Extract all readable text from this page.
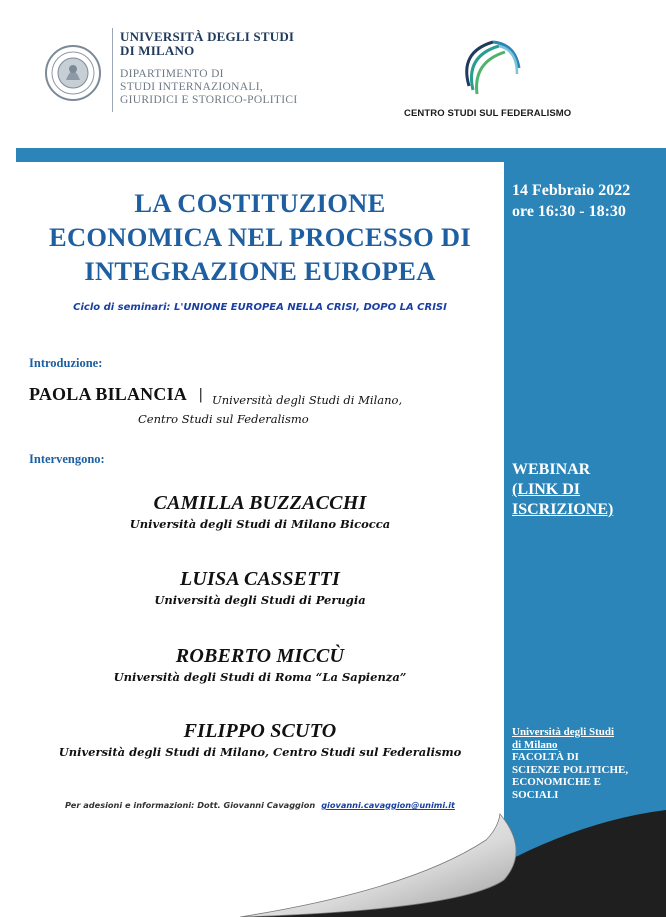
UNIVERSITÀ DEGLI STUDI
DI MILANO
DIPARTIMENTO DI
STUDI INTERNAZIONALI,
GIURIDICI E STORICO-POLITICI
CENTRO STUDI SUL FEDERALISMO
14 Febbraio 2022
ore 16:30 - 18:30
WEBINAR
(LINK DI
ISCRIZIONE)
Università degli Studi
di Milano
FACOLTÀ DI
SCIENZE POLITICHE,
ECONOMICHE E
SOCIALI
LA COSTITUZIONE
ECONOMICA NEL PROCESSO DI
INTEGRAZIONE EUROPEA
Ciclo di seminari: L'UNIONE EUROPEA NELLA CRISI, DOPO LA CRISI
Introduzione:
PAOLA BILANCIA | Università degli Studi di Milano,
Centro Studi sul Federalismo
Intervengono:
CAMILLA BUZZACCHI
Università degli Studi di Milano Bicocca
LUISA CASSETTI
Università degli Studi di Perugia
ROBERTO MICCÙ
Università degli Studi di Roma “La Sapienza”
FILIPPO SCUTO
Università degli Studi di Milano, Centro Studi sul Federalismo
Per adesioni e informazioni: Dott. Giovanni Cavaggion giovanni.cavaggion@unimi.it
